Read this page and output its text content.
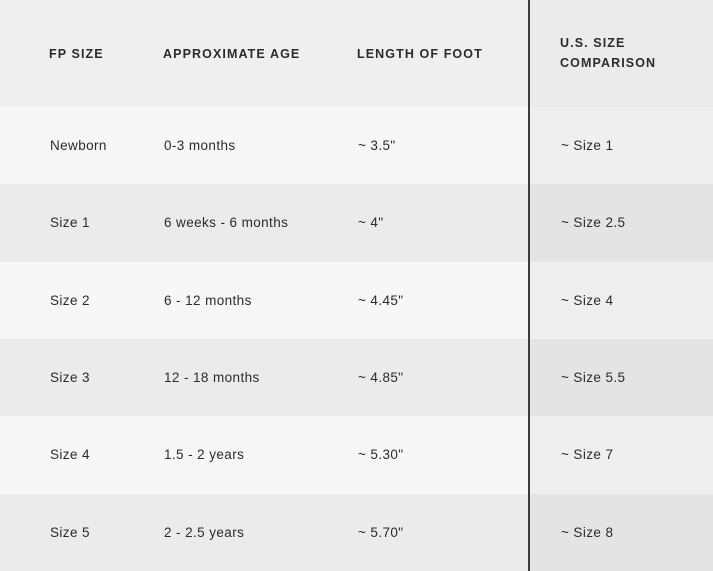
FP SIZE	APPROXIMATE AGE	LENGTH OF FOOT	U.S. SIZE
COMPARISON

Newborn	0-3 months	~ 3.5"	~ Size 1

Size 1	6 weeks - 6 months	~ 4"	~ Size 2.5

Size 2	6 - 12 months	~ 4.45"	~ Size 4

Size 3	12 - 18 months	~ 4.85"	~ Size 5.5

Size 4	1.5 - 2 years	~ 5.30"	~ Size 7

Size 5	2 - 2.5 years	~ 5.70"	~ Size 8
